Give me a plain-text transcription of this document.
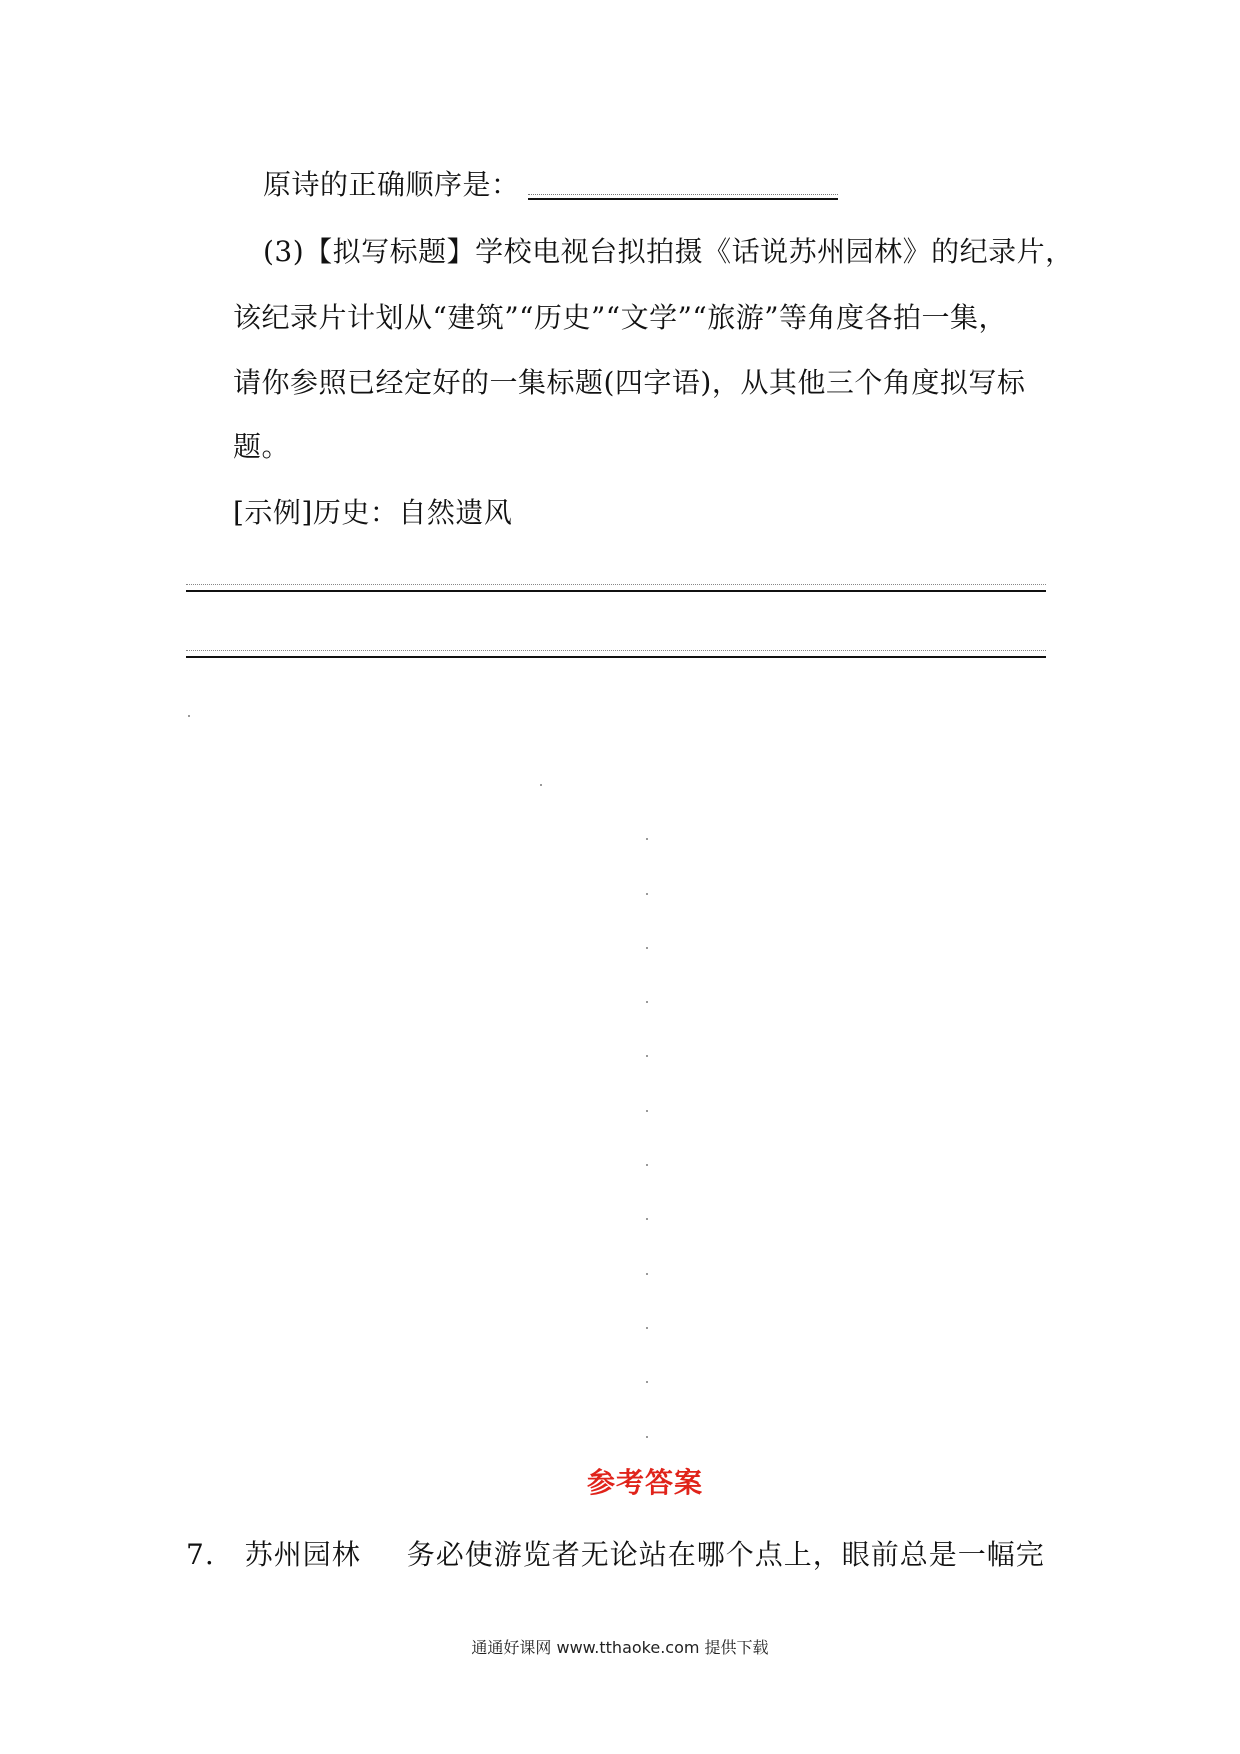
原诗的正确顺序是：
(3)【拟写标题】学校电视台拟拍摄《话说苏州园林》的纪录片，
该纪录片计划从“建筑”“历史”“文学”“旅游”等角度各拍一集，
请你参照已经定好的一集标题(四字语)，从其他三个角度拟写标
题。
[示例]历史：自然遗风
参考答案
7. 苏州园林 务必使游览者无论站在哪个点上，眼前总是一幅完
通通好课网 www.tthaoke.com 提供下载
